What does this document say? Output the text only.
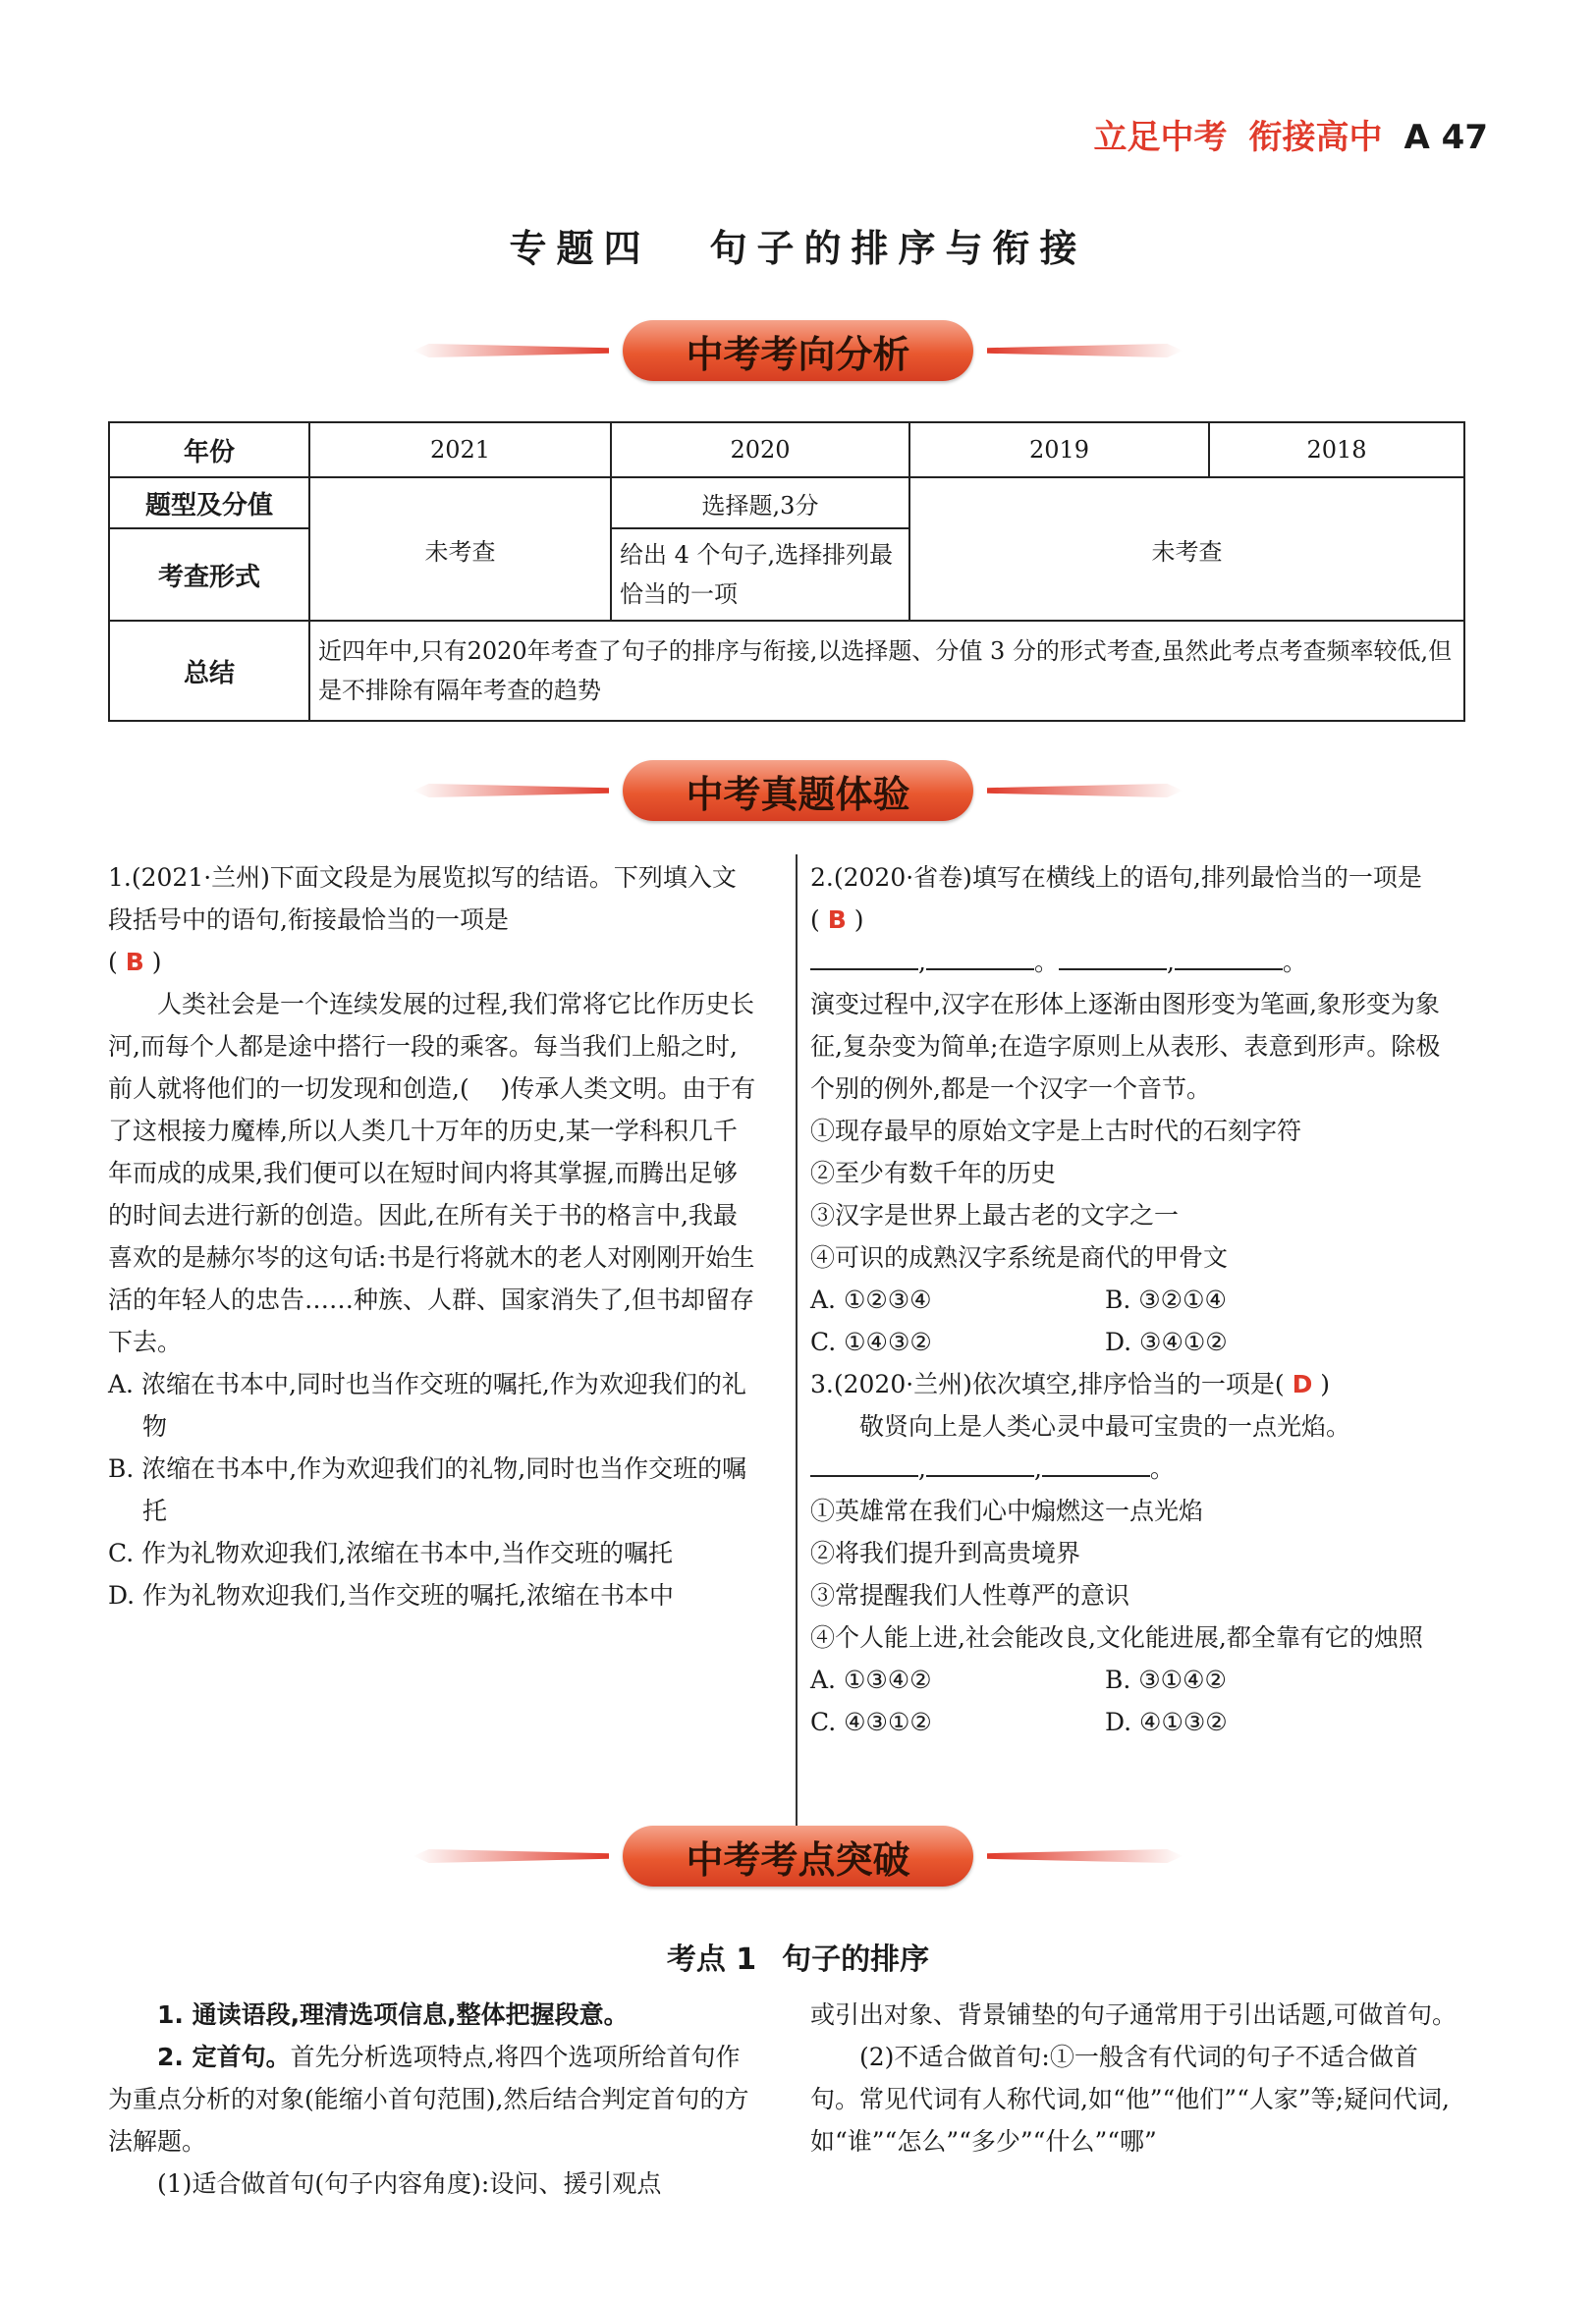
立足中考 衔接高中 A 47
专题四 句子的排序与衔接
中考考向分析
年份	2021	2020	2019	2018
题型及分值	未考查	选择题,3分	未考查	
考查形式		给出 4 个句子,选择排列最恰当的一项		
总结	近四年中,只有2020年考查了句子的排序与衔接,以选择题、分值 3 分的形式考查,虽然此考点考查频率较低,但是不排除有隔年考查的趋势			
中考真题体验

1.(2021·兰州)下面文段是为展览拟写的结语。下列填入文段括号中的语句,衔接最恰当的一项是
( B )

人类社会是一个连续发展的过程,我们常将它比作历史长河,而每个人都是途中搭行一段的乘客。每当我们上船之时,前人就将他们的一切发现和创造,( )传承人类文明。由于有了这根接力魔棒,所以人类几十万年的历史,某一学科积几千年而成的成果,我们便可以在短时间内将其掌握,而腾出足够的时间去进行新的创造。因此,在所有关于书的格言中,我最喜欢的是赫尔岑的这句话:书是行将就木的老人对刚刚开始生活的年轻人的忠告……种族、人群、国家消失了,但书却留存下去。

A. 浓缩在书本中,同时也当作交班的嘱托,作为欢迎我们的礼物

B. 浓缩在书本中,作为欢迎我们的礼物,同时也当作交班的嘱托

C. 作为礼物欢迎我们,浓缩在书本中,当作交班的嘱托

D. 作为礼物欢迎我们,当作交班的嘱托,浓缩在书本中

2.(2020·省卷)填写在横线上的语句,排列最恰当的一项是( B )

,	。	,	。

演变过程中,汉字在形体上逐渐由图形变为笔画,象形变为象征,复杂变为简单;在造字原则上从表形、表意到形声。除极个别的例外,都是一个汉字一个音节。

①现存最早的原始文字是上古时代的石刻字符

②至少有数千年的历史

③汉字是世界上最古老的文字之一

④可识的成熟汉字系统是商代的甲骨文

A. ①②③④	B. ③②①④

C. ①④③②	D. ③④①②

3.(2020·兰州)依次填空,排序恰当的一项是( D )

敬贤向上是人类心灵中最可宝贵的一点光焰。

,	,	。

①英雄常在我们心中煽燃这一点光焰

②将我们提升到高贵境界

③常提醒我们人性尊严的意识

④个人能上进,社会能改良,文化能进展,都全靠有它的烛照

A. ①③④②	B. ③①④②

C. ④③①②	D. ④①③②

中考考点突破
考点 1 句子的排序

1. 通读语段,理清选项信息,整体把握段意。

2. 定首句。首先分析选项特点,将四个选项所给首句作为重点分析的对象(能缩小首句范围),然后结合判定首句的方法解题。

(1)适合做首句(句子内容角度):设问、援引观点

或引出对象、背景铺垫的句子通常用于引出话题,可做首句。

(2)不适合做首句:①一般含有代词的句子不适合做首句。常见代词有人称代词,如“他”“他们”“人家”等;疑问代词,如“谁”“怎么”“多少”“什么”“哪”
